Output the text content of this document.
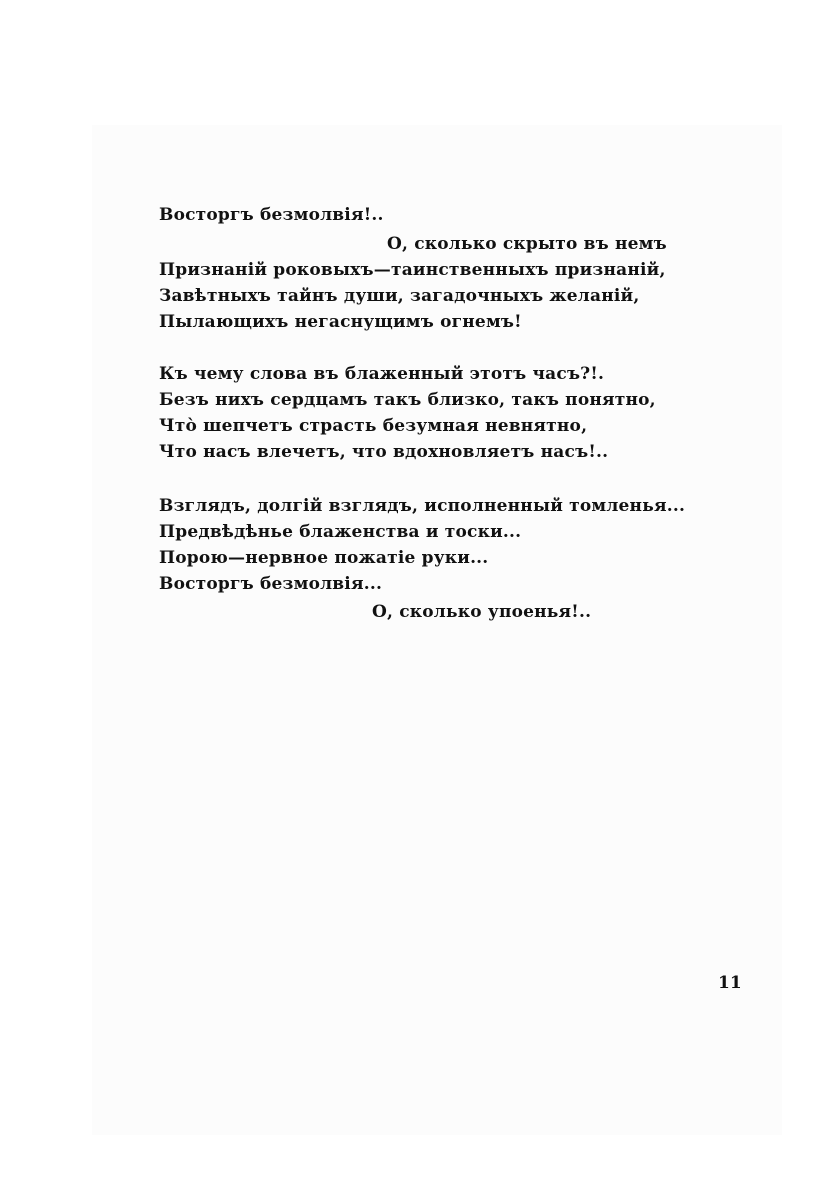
Восторгъ безмолвія!..
О, сколько скрыто въ немъ
Признаній роковыхъ—таинственныхъ признаній,
Завѣтныхъ тайнъ души, загадочныхъ желаній,
Пылающихъ негаснущимъ огнемъ!
Къ чему слова въ блаженный этотъ часъ?!.
Безъ нихъ сердцамъ такъ близко, такъ понятно,
Что̀ шепчетъ страсть безумная невнятно,
Что насъ влечетъ, что вдохновляетъ насъ!..
Взглядъ, долгій взглядъ, исполненный томленья...
Предвѣдѣнье блаженства и тоски...
Порою—нервное пожатіе руки...
Восторгъ безмолвія...
О, сколько упоенья!..
11
